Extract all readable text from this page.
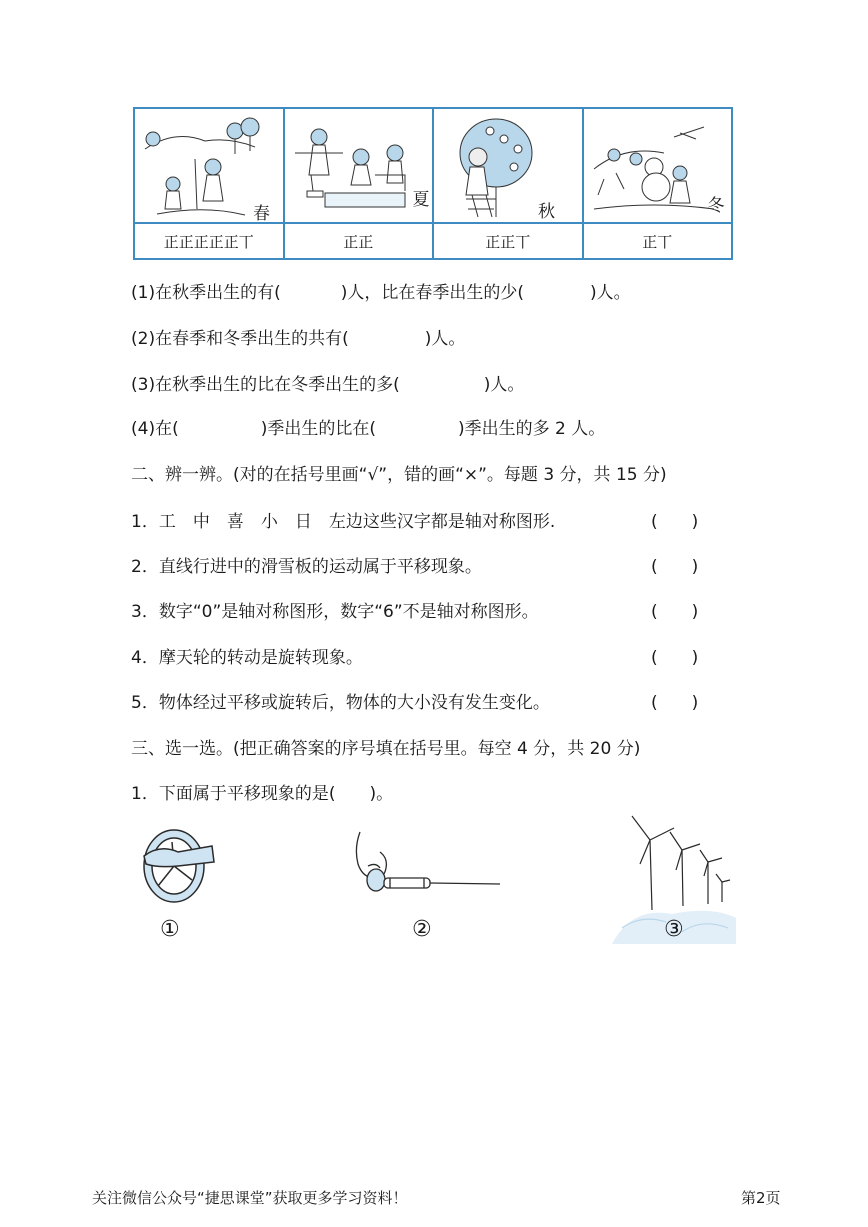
春	夏	秋	冬

正正正正正丅	正正	正正丅	正丅
(1)在秋季出生的有(	)人，比在春季出生的少(	)人。
(2)在春季和冬季出生的共有(	)人。
(3)在秋季出生的比在冬季出生的多(	)人。
(4)在(	)季出生的比在(	)季出生的多 2 人。
二、辨一辨。(对的在括号里画“√”，错的画“×”。每题 3 分，共 15 分)
1．工　中　喜　小　日　左边这些汉字都是轴对称图形.	(　　)
2．直线行进中的滑雪板的运动属于平移现象。	(　　)
3．数字“0”是轴对称图形，数字“6”不是轴对称图形。	(　　)
4．摩天轮的转动是旋转现象。	(　　)
5．物体经过平移或旋转后，物体的大小没有发生变化。	(　　)
三、选一选。(把正确答案的序号填在括号里。每空 4 分，共 20 分)
1．下面属于平移现象的是(　　)。
①	②	③
关注微信公众号“捷思课堂”获取更多学习资料！	第2页
